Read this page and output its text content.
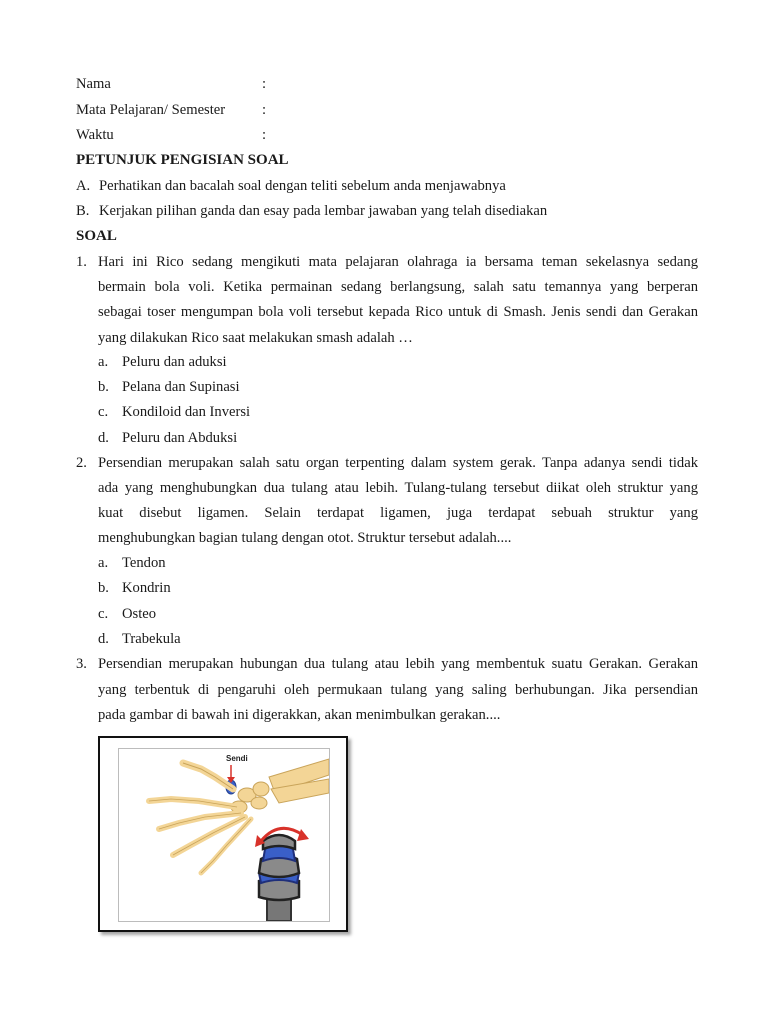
Nama	:
Mata Pelajaran/ Semester	:
Waktu	:
PETUNJUK PENGISIAN SOAL
A. Perhatikan dan bacalah soal dengan teliti sebelum anda menjawabnya
B. Kerjakan pilihan ganda dan esay pada lembar jawaban yang telah disediakan
SOAL
1. Hari ini Rico sedang mengikuti mata pelajaran olahraga ia bersama teman sekelasnya sedang
bermain bola voli. Ketika permainan sedang berlangsung, salah satu temannya yang berperan
sebagai toser mengumpan bola voli tersebut kepada Rico untuk di Smash. Jenis sendi dan Gerakan
yang dilakukan Rico saat melakukan smash adalah …
a. Peluru dan aduksi
b. Pelana dan Supinasi
c. Kondiloid dan Inversi
d. Peluru dan Abduksi
2. Persendian merupakan salah satu organ terpenting dalam system gerak. Tanpa adanya sendi tidak
ada yang menghubungkan dua tulang atau lebih. Tulang-tulang tersebut diikat oleh struktur yang
kuat disebut ligamen. Selain terdapat ligamen, juga terdapat sebuah struktur yang
menghubungkan bagian tulang dengan otot. Struktur tersebut adalah....
a. Tendon
b. Kondrin
c. Osteo
d. Trabekula
3. Persendian merupakan hubungan dua tulang atau lebih yang membentuk suatu Gerakan. Gerakan
yang terbentuk di pengaruhi oleh permukaan tulang yang saling berhubungan. Jika persendian
pada gambar di bawah ini digerakkan, akan menimbulkan gerakan....
Sendi
